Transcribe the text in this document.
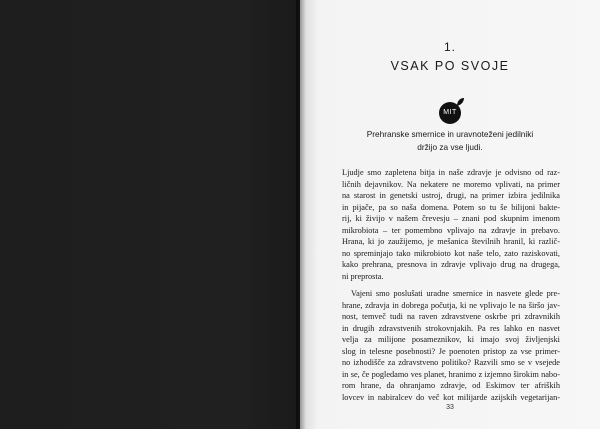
1.
VSAK PO SVOJE
MIT
Prehranske smernice in uravnoteženi jedilniki
držijo za vse ljudi.
Ljudje smo zapletena bitja in naše zdravje je odvisno od raz-
ličnih dejavnikov. Na nekatere ne moremo vplivati, na primer
na starost in genetski ustroj, drugi, na primer izbira jedilnika
in pijače, pa so naša domena. Potem so tu še bilijoni bakte-
rij, ki živijo v našem črevesju – znani pod skupnim imenom
mikrobiota – ter pomembno vplivajo na zdravje in prebavo.
Hrana, ki jo zaužijemo, je mešanica številnih hranil, ki različ-
no spreminjajo tako mikrobioto kot naše telo, zato raziskovati,
kako prehrana, presnova in zdravje vplivajo drug na drugega,
ni preprosta.
Vajeni smo poslušati uradne smernice in nasvete glede pre-
hrane, zdravja in dobrega počutja, ki ne vplivajo le na širšo jav-
nost, temveč tudi na raven zdravstvene oskrbe pri zdravnikih
in drugih zdravstvenih strokovnjakih. Pa res lahko en nasvet
velja za milijone posameznikov, ki imajo svoj življenjski
slog in telesne posebnosti? Je poenoten pristop za vse primer-
no izhodišče za zdravstveno politiko? Razvili smo se v vsejede
in se, če pogledamo ves planet, hranimo z izjemno širokim nabo-
rom hrane, da ohranjamo zdravje, od Eskimov ter afriških
lovcev in nabiralcev do več kot milijarde azijskih vegetarijan-
33
